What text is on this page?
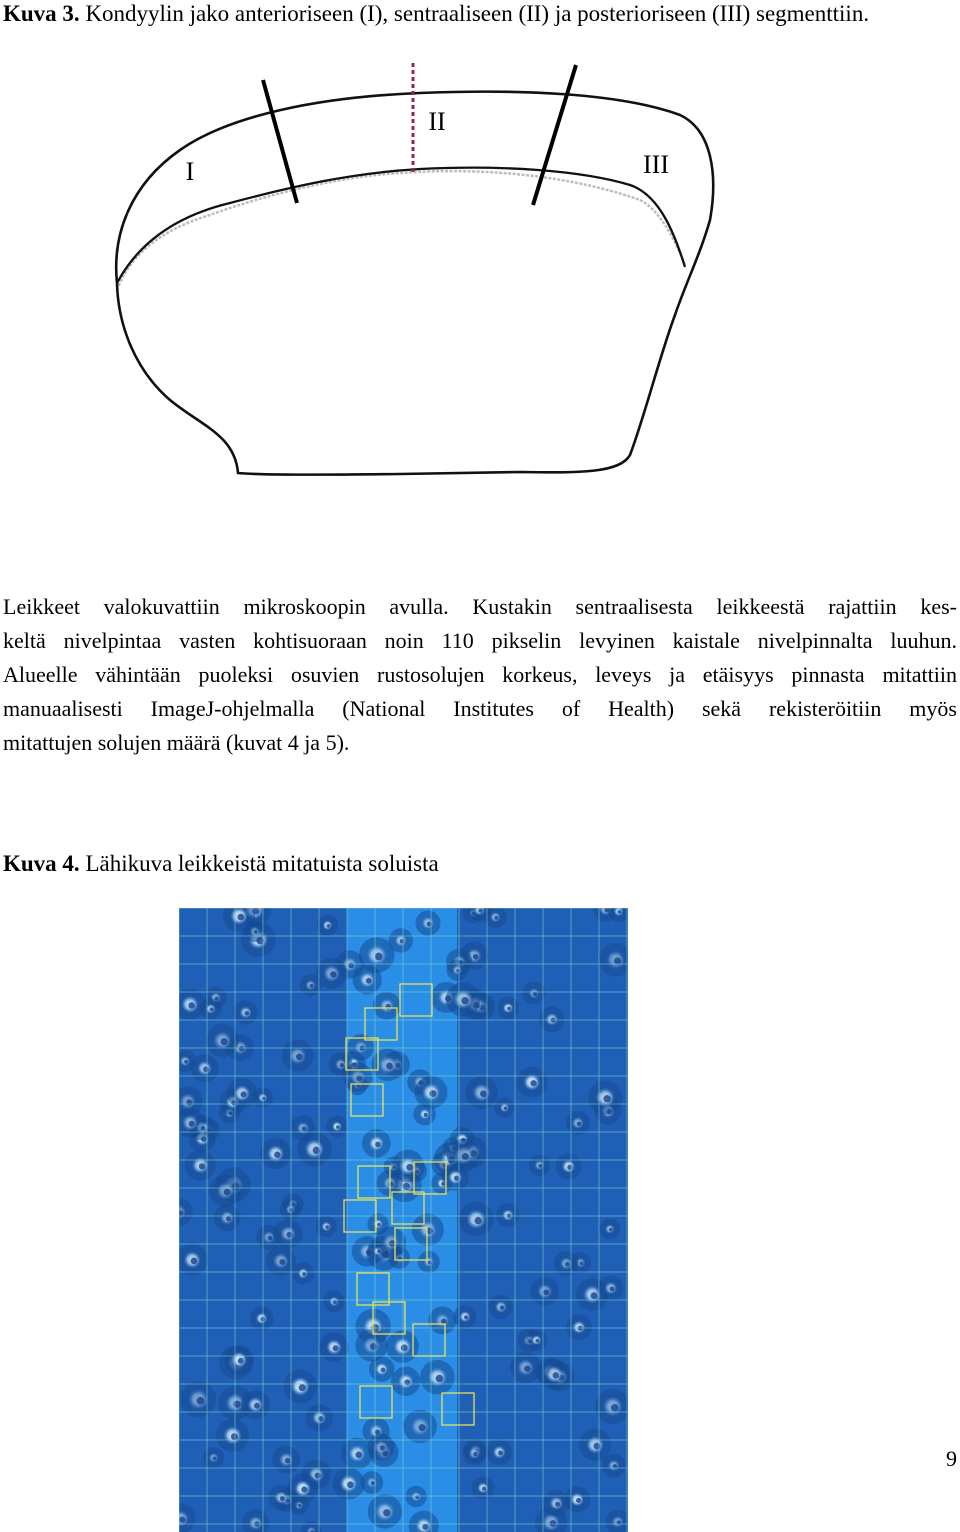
Kuva 3. Kondyylin jako anterioriseen (I), sentraaliseen (II) ja posterioriseen (III) segmenttiin.
I
II
III
Leikkeet valokuvattiin mikroskoopin avulla. Kustakin sentraalisesta leikkeestä rajattiin kes-
keltä nivelpintaa vasten kohtisuoraan noin 110 pikselin levyinen kaistale nivelpinnalta luuhun.
Alueelle vähintään puoleksi osuvien rustosolujen korkeus, leveys ja etäisyys pinnasta mitattiin
manuaalisesti ImageJ-ohjelmalla (National Institutes of Health) sekä rekisteröitiin myös
mitattujen solujen määrä (kuvat 4 ja 5).
Kuva 4. Lähikuva leikkeistä mitatuista soluista
9
